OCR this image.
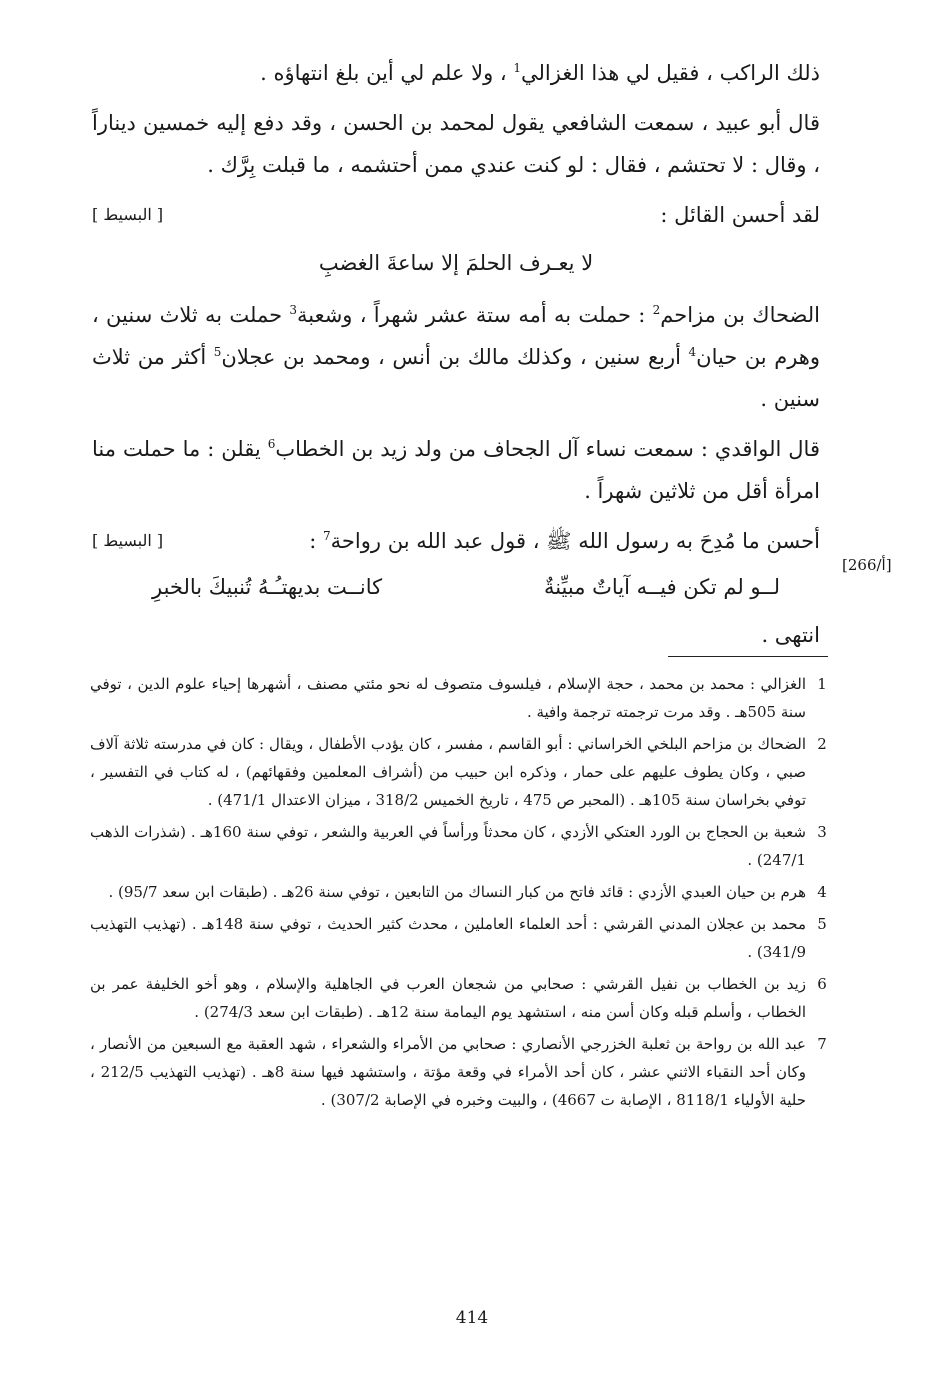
ذلك الراكب ، فقيل لي هذا الغزالي$^1$ ، ولا علم لي أين بلغ انتهاؤه .

قال أبو عبيد ، سمعت الشافعي يقول لمحمد بن الحسن ، وقد دفع إليه خمسين ديناراً ، وقال : لا تحتشم ، فقال : لو كنت عندي ممن أحتشمه ، ما قبلت بِرَّك .

لقد أحسن القائل :
[ البسيط ]
لا يعـرف الحلمَ إلا ساعةَ الغضبِ

الضحاك بن مزاحم$^2$ : حملت به أمه ستة عشر شهراً ، وشعبة$^3$ حملت به ثلاث سنين ، وهرم بن حيان$^4$ أربع سنين ، وكذلك مالك بن أنس ، ومحمد بن عجلان$^5$ أكثر من ثلاث سنين .

قال الواقدي : سمعت نساء آل الجحاف من ولد زيد بن الخطاب$^6$ يقلن : ما حملت منا امرأة أقل من ثلاثين شهراً .

أحسن ما مُدِحَ به رسول الله ﷺ ، قول عبد الله بن رواحة$^7$ :
[ البسيط ]
لــو لم تكن فيــه آياتٌ مبيِّنةٌ
كانــت بديهتـُـهُ تُنبيكَ بالخبرِ

انتهى .

[266/أ]
1
الغزالي : محمد بن محمد ، حجة الإسلام ، فيلسوف متصوف له نحو مئتي مصنف ، أشهرها إحياء علوم الدين ، توفي سنة 505هـ . وقد مرت ترجمته ترجمة وافية .
2
الضحاك بن مزاحم البلخي الخراساني : أبو القاسم ، مفسر ، كان يؤدب الأطفال ، ويقال : كان في مدرسته ثلاثة آلاف صبي ، وكان يطوف عليهم على حمار ، وذكره ابن حبيب من (أشراف المعلمين وفقهائهم) ، له كتاب في التفسير ، توفي بخراسان سنة 105هـ . (المحبر ص 475 ، تاريخ الخميس 318/2 ، ميزان الاعتدال 471/1) .
3
شعبة بن الحجاج بن الورد العتكي الأزدي ، كان محدثاً ورأساً في العربية والشعر ، توفي سنة 160هـ . (شذرات الذهب 247/1) .
4
هرم بن حيان العبدي الأزدي : قائد فاتح من كبار النساك من التابعين ، توفي سنة 26هـ . (طبقات ابن سعد 95/7) .
5
محمد بن عجلان المدني القرشي : أحد العلماء العاملين ، محدث كثير الحديث ، توفي سنة 148هـ . (تهذيب التهذيب 341/9) .
6
زيد بن الخطاب بن نفيل القرشي : صحابي من شجعان العرب في الجاهلية والإسلام ، وهو أخو الخليفة عمر بن الخطاب ، وأسلم قبله وكان أسن منه ، استشهد يوم اليمامة سنة 12هـ . (طبقات ابن سعد 274/3) .
7
عبد الله بن رواحة بن ثعلبة الخزرجي الأنصاري : صحابي من الأمراء والشعراء ، شهد العقبة مع السبعين من الأنصار ، وكان أحد النقباء الاثني عشر ، كان أحد الأمراء في وقعة مؤتة ، واستشهد فيها سنة 8هـ . (تهذيب التهذيب 212/5 ، حلية الأولياء 8118/1 ، الإصابة ت 4667) ، والبيت وخبره في الإصابة 307/2) .
414
